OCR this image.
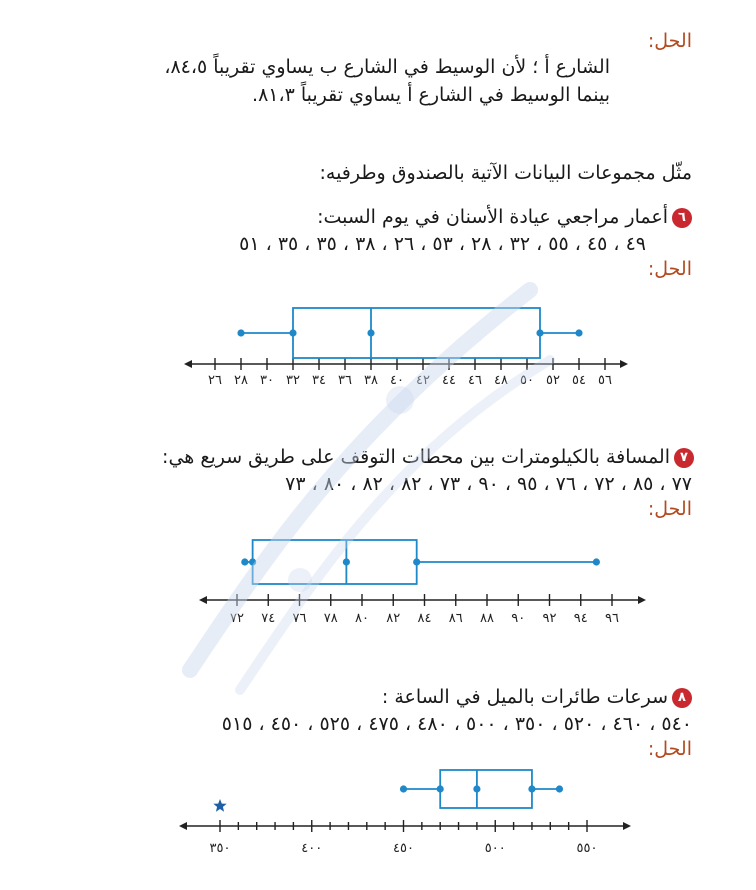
الحل:
الشارع أ ؛ لأن الوسيط في الشارع ب يساوي تقريباً ٨٤،٥،
بينما الوسيط في الشارع أ يساوي تقريباً ٨١،٣.
مثّل مجموعات البيانات الآتية بالصندوق وطرفيه:
٦أعمار مراجعي عيادة الأسنان في يوم السبت:
٤٩ ، ٤٥ ، ٥٥ ، ٣٢ ، ٢٨ ، ٥٣ ، ٢٦ ، ٣٨ ، ٣٥ ، ٣٥ ، ٥١
الحل:
٢٦ ٢٨ ٣٠ ٣٢ ٣٤ ٣٦ ٣٨ ٤٠ ٤٢ ٤٤ ٤٦ ٤٨ ٥٠ ٥٢ ٥٤ ٥٦
٧المسافة بالكيلومترات بين محطات التوقف على طريق سريع هي:
٧٧ ، ٨٥ ، ٧٢ ، ٧٦ ، ٩٥ ، ٩٠ ، ٧٣ ، ٨٢ ، ٨٢ ، ٨٠ ، ٧٣
الحل:
٧٢ ٧٤ ٧٦ ٧٨ ٨٠ ٨٢ ٨٤ ٨٦ ٨٨ ٩٠ ٩٢ ٩٤ ٩٦
٨سرعات طائرات بالميل في الساعة :
٥٤٠ ، ٤٦٠ ، ٥٢٠ ، ٣٥٠ ، ٥٠٠ ، ٤٨٠ ، ٤٧٥ ، ٥٢٥ ، ٤٥٠ ، ٥١٥
الحل:
٣٥٠	٤٠٠	٤٥٠	٥٠٠	٥٥٠
